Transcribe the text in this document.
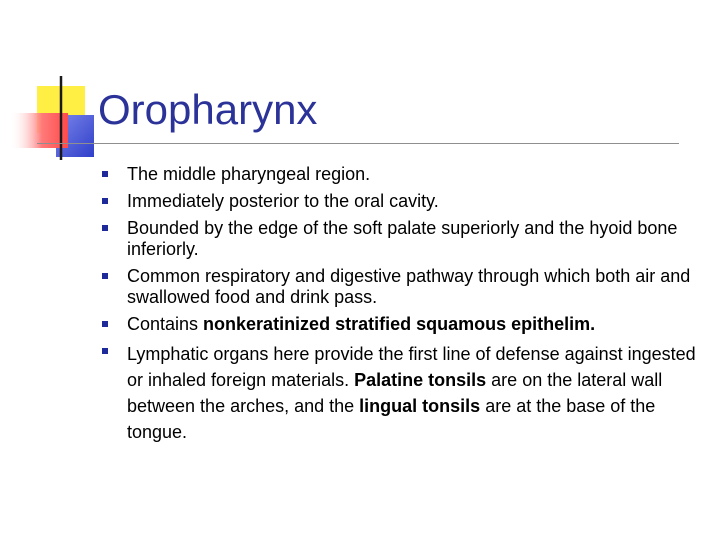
Oropharynx
The middle pharyngeal region.
Immediately posterior to the oral cavity.
Bounded by the edge of the soft palate superiorly and the hyoid bone inferiorly.
Common respiratory and digestive pathway through which both air and swallowed food and drink pass.
Contains nonkeratinized stratified squamous epithelim.
Lymphatic organs here provide the first line of defense against ingested or inhaled foreign materials. Palatine tonsils are on the lateral wall between the arches, and the lingual tonsils are at the base of the tongue.
